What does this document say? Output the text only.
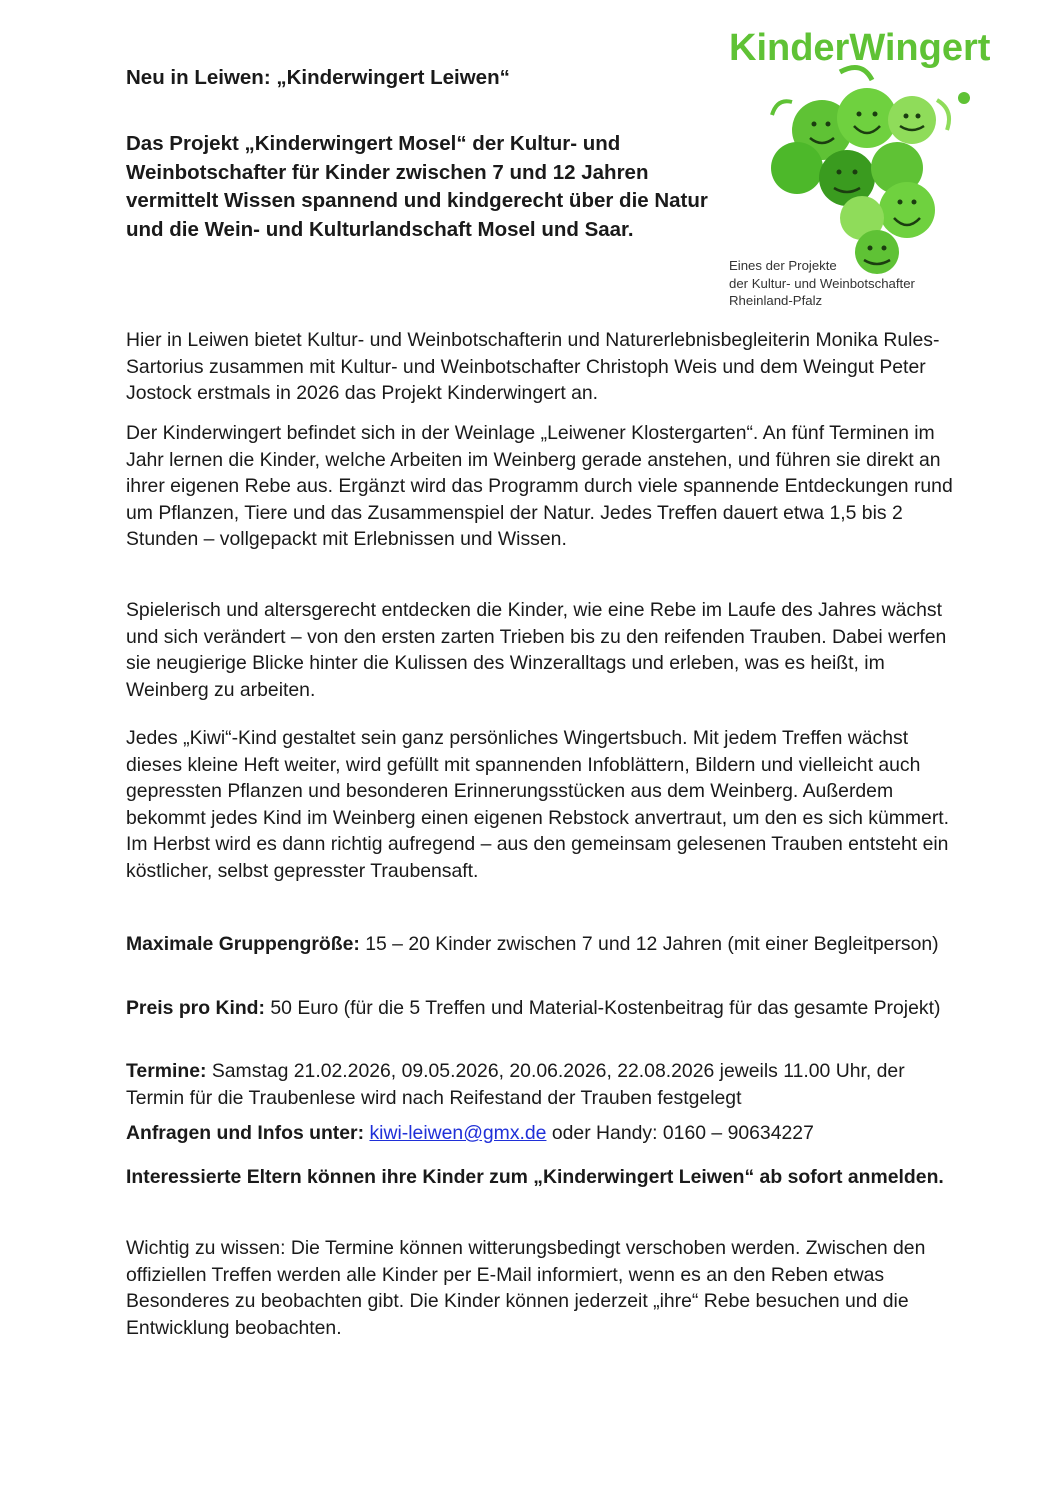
Neu in Leiwen: „Kinderwingert Leiwen“

Das Projekt „Kinderwingert Mosel“ der Kultur- und Weinbotschafter für Kinder zwischen 7 und 12 Jahren vermittelt Wissen spannend und kindgerecht über die Natur und die Wein- und Kulturlandschaft Mosel und Saar.

KinderWingert
Eines der Projekte
der Kultur- und Weinbotschafter
Rheinland-Pfalz

Hier in Leiwen bietet Kultur- und Weinbotschafterin und Naturerlebnisbegleiterin Monika Rules-Sartorius zusammen mit Kultur- und Weinbotschafter Christoph Weis und dem Weingut Peter Jostock erstmals in 2026 das Projekt Kinderwingert an.

Der Kinderwingert befindet sich in der Weinlage „Leiwener Klostergarten“. An fünf Terminen im Jahr lernen die Kinder, welche Arbeiten im Weinberg gerade anstehen, und führen sie direkt an ihrer eigenen Rebe aus. Ergänzt wird das Programm durch viele spannende Entdeckungen rund um Pflanzen, Tiere und das Zusammenspiel der Natur. Jedes Treffen dauert etwa 1,5 bis 2 Stunden – vollgepackt mit Erlebnissen und Wissen.

Spielerisch und altersgerecht entdecken die Kinder, wie eine Rebe im Laufe des Jahres wächst und sich verändert – von den ersten zarten Trieben bis zu den reifenden Trauben. Dabei werfen sie neugierige Blicke hinter die Kulissen des Winzeralltags und erleben, was es heißt, im Weinberg zu arbeiten.

Jedes „Kiwi“-Kind gestaltet sein ganz persönliches Wingertsbuch. Mit jedem Treffen wächst dieses kleine Heft weiter, wird gefüllt mit spannenden Infoblättern, Bildern und vielleicht auch gepressten Pflanzen und besonderen Erinnerungsstücken aus dem Weinberg. Außerdem bekommt jedes Kind im Weinberg einen eigenen Rebstock anvertraut, um den es sich kümmert. Im Herbst wird es dann richtig aufregend – aus den gemeinsam gelesenen Trauben entsteht ein köstlicher, selbst gepresster Traubensaft.

Maximale Gruppengröße: 15 – 20 Kinder zwischen 7 und 12 Jahren (mit einer Begleitperson)

Preis pro Kind: 50 Euro (für die 5 Treffen und Material-Kostenbeitrag für das gesamte Projekt)

Termine: Samstag 21.02.2026, 09.05.2026, 20.06.2026, 22.08.2026 jeweils 11.00 Uhr, der Termin für die Traubenlese wird nach Reifestand der Trauben festgelegt

Anfragen und Infos unter: kiwi-leiwen@gmx.de oder Handy: 0160 – 90634227

Interessierte Eltern können ihre Kinder zum „Kinderwingert Leiwen“ ab sofort anmelden.

Wichtig zu wissen: Die Termine können witterungsbedingt verschoben werden. Zwischen den offiziellen Treffen werden alle Kinder per E-Mail informiert, wenn es an den Reben etwas Besonderes zu beobachten gibt. Die Kinder können jederzeit „ihre“ Rebe besuchen und die Entwicklung beobachten.
